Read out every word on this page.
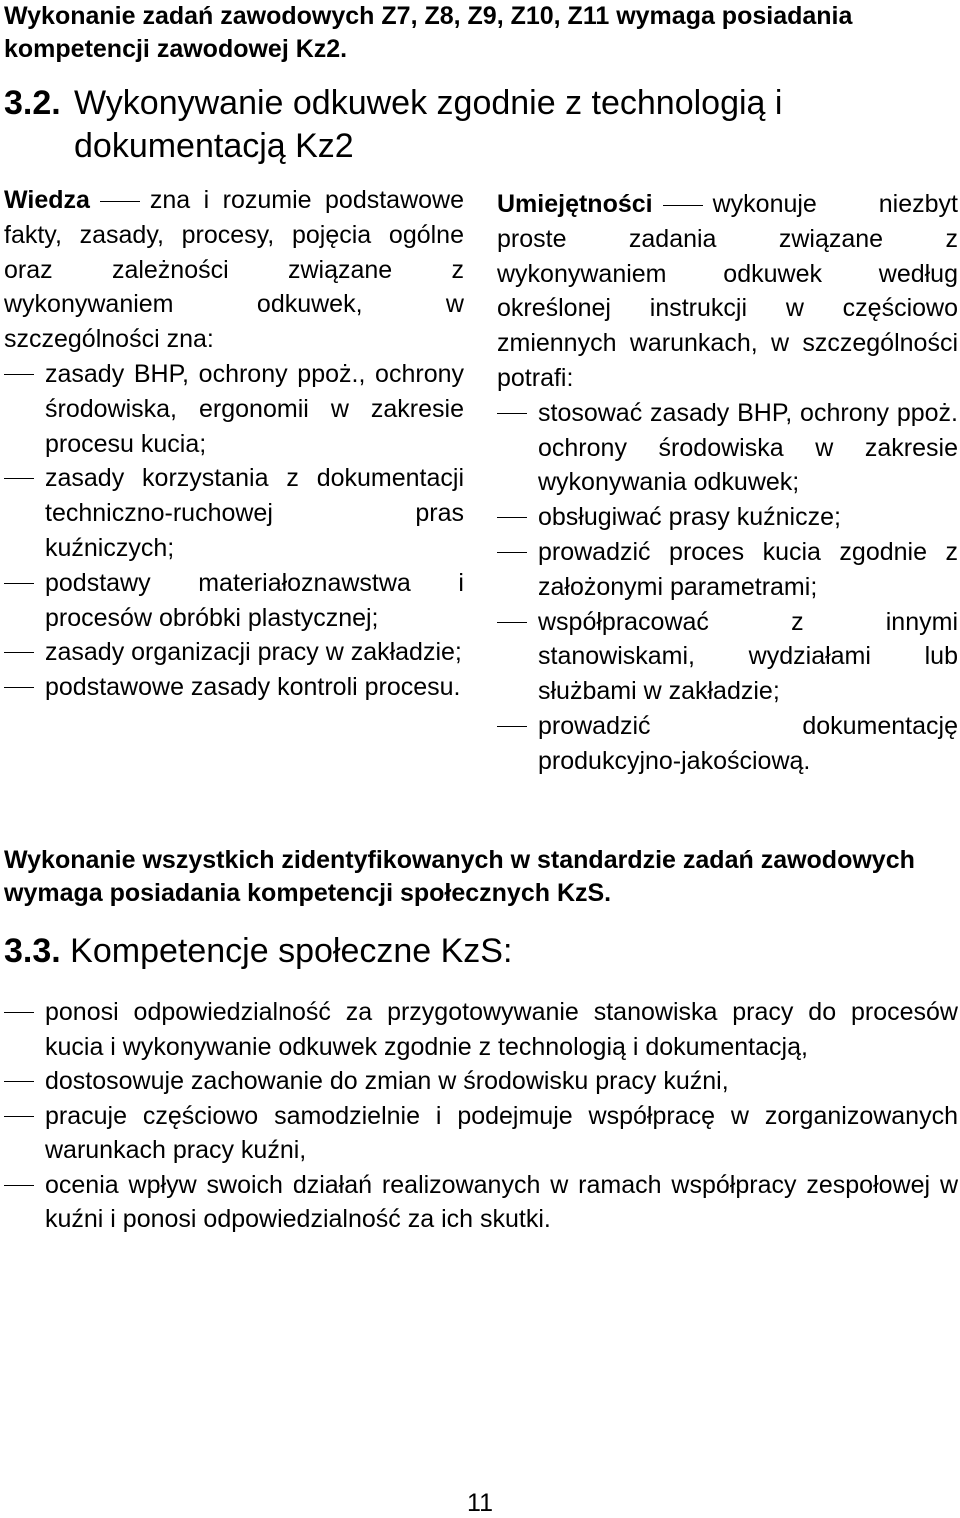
Wykonanie zadań zawodowych Z7, Z8, Z9, Z10, Z11 wymaga posiadania kompetencji zawodowej Kz2.
3.2. Wykonywanie odkuwek zgodnie z technologią i dokumentacją Kz2

Wiedza zna i rozumie podstawowe fakty, zasady, procesy, pojęcia ogólne oraz zależności związane z wykonywaniem odkuwek, w szczególności zna:

zasady BHP, ochrony ppoż., ochrony środowiska, ergonomii w zakresie procesu kucia;

zasady korzystania z dokumentacji techniczno-ruchowej pras kuźniczych;

podstawy materiałoznawstwa i procesów obróbki plastycznej;

zasady organizacji pracy w zakładzie;

podstawowe zasady kontroli procesu.

Umiejętności wykonuje niezbyt proste zadania związane z wykonywaniem odkuwek według określonej instrukcji w częściowo zmiennych warunkach, w szczególności potrafi:

stosować zasady BHP, ochrony ppoż. ochrony środowiska w zakresie wykonywania odkuwek;

obsługiwać prasy kuźnicze;

prowadzić proces kucia zgodnie z założonymi parametrami;

współpracować z innymi stanowiskami, wydziałami lub służbami w zakładzie;

prowadzić dokumentację produkcyjno-jakościową.

Wykonanie wszystkich zidentyfikowanych w standardzie zadań zawodowych wymaga posiadania kompetencji społecznych KzS.
3.3. Kompetencje społeczne KzS:

ponosi odpowiedzialność za przygotowywanie stanowiska pracy do procesów kucia i wykonywanie odkuwek zgodnie z technologią i dokumentacją,

dostosowuje zachowanie do zmian w środowisku pracy kuźni,

pracuje częściowo samodzielnie i podejmuje współpracę w zorganizowanych warunkach pracy kuźni,

ocenia wpływ swoich działań realizowanych w ramach współpracy zespołowej w kuźni i ponosi odpowiedzialność za ich skutki.

11
